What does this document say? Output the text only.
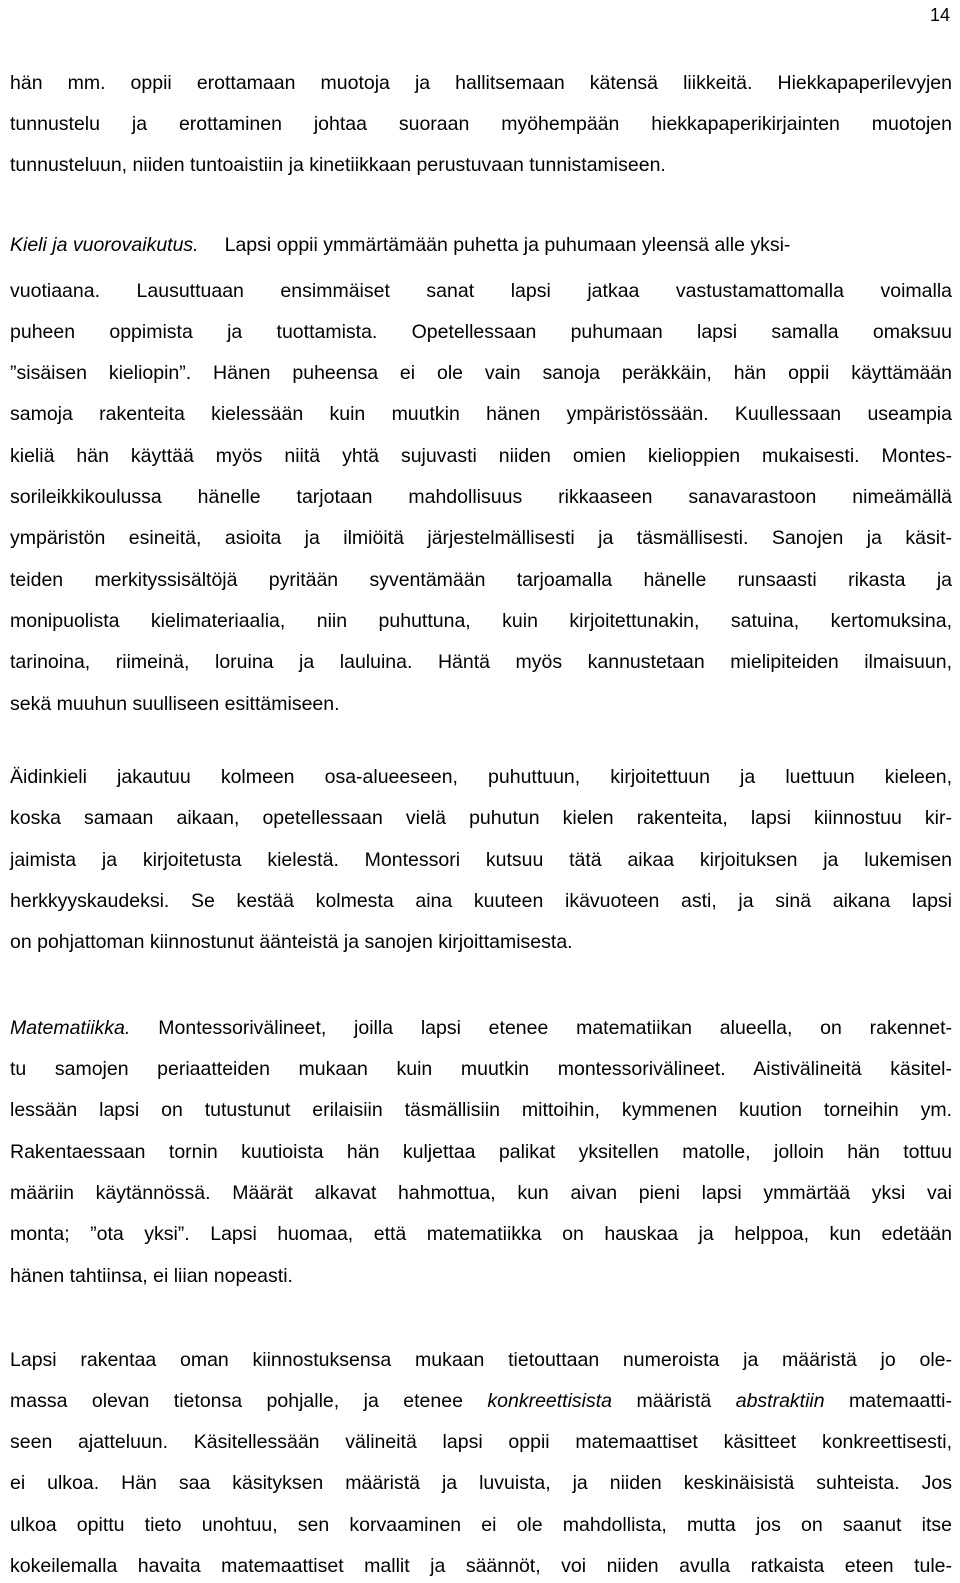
14
hän mm. oppii erottamaan muotoja ja hallitsemaan kätensä liikkeitä. Hiekkapaperilevyjen
tunnustelu ja erottaminen johtaa suoraan myöhempään hiekkapaperikirjainten muotojen
tunnusteluun, niiden tuntoaistiin ja kinetiikkaan perustuvaan tunnistamiseen.
Kieli ja vuorovaikutus. Lapsi oppii ymmärtämään puhetta ja puhumaan yleensä alle yksi-
vuotiaana. Lausuttuaan ensimmäiset sanat lapsi jatkaa vastustamattomalla voimalla
puheen oppimista ja tuottamista. Opetellessaan puhumaan lapsi samalla omaksuu
”sisäisen kieliopin”. Hänen puheensa ei ole vain sanoja peräkkäin, hän oppii käyttämään
samoja rakenteita kielessään kuin muutkin hänen ympäristössään. Kuullessaan useampia
kieliä hän käyttää myös niitä yhtä sujuvasti niiden omien kielioppien mukaisesti. Montes-
sorileikkikoulussa hänelle tarjotaan mahdollisuus rikkaaseen sanavarastoon nimeämällä
ympäristön esineitä, asioita ja ilmiöitä järjestelmällisesti ja täsmällisesti. Sanojen ja käsit-
teiden merkityssisältöjä pyritään syventämään tarjoamalla hänelle runsaasti rikasta ja
monipuolista kielimateriaalia, niin puhuttuna, kuin kirjoitettunakin, satuina, kertomuksina,
tarinoina, riimeinä, loruina ja lauluina. Häntä myös kannustetaan mielipiteiden ilmaisuun,
sekä muuhun suulliseen esittämiseen.
Äidinkieli jakautuu kolmeen osa-alueeseen, puhuttuun, kirjoitettuun ja luettuun kieleen,
koska samaan aikaan, opetellessaan vielä puhutun kielen rakenteita, lapsi kiinnostuu kir-
jaimista ja kirjoitetusta kielestä. Montessori kutsuu tätä aikaa kirjoituksen ja lukemisen
herkkyyskaudeksi. Se kestää kolmesta aina kuuteen ikävuoteen asti, ja sinä aikana lapsi
on pohjattoman kiinnostunut äänteistä ja sanojen kirjoittamisesta.
Matematiikka. Montessorivälineet, joilla lapsi etenee matematiikan alueella, on rakennet-
tu samojen periaatteiden mukaan kuin muutkin montessorivälineet. Aistivälineitä käsitel-
lessään lapsi on tutustunut erilaisiin täsmällisiin mittoihin, kymmenen kuution torneihin ym.
Rakentaessaan tornin kuutioista hän kuljettaa palikat yksitellen matolle, jolloin hän tottuu
määriin käytännössä. Määrät alkavat hahmottua, kun aivan pieni lapsi ymmärtää yksi vai
monta; ”ota yksi”. Lapsi huomaa, että matematiikka on hauskaa ja helppoa, kun edetään
hänen tahtiinsa, ei liian nopeasti.
Lapsi rakentaa oman kiinnostuksensa mukaan tietouttaan numeroista ja määristä jo ole-
massa olevan tietonsa pohjalle, ja etenee konkreettisista määristä abstraktiin matemaatti-
seen ajatteluun. Käsitellessään välineitä lapsi oppii matemaattiset käsitteet konkreettisesti,
ei ulkoa. Hän saa käsityksen määristä ja luvuista, ja niiden keskinäisistä suhteista. Jos
ulkoa opittu tieto unohtuu, sen korvaaminen ei ole mahdollista, mutta jos on saanut itse
kokeilemalla havaita matemaattiset mallit ja säännöt, voi niiden avulla ratkaista eteen tule-
